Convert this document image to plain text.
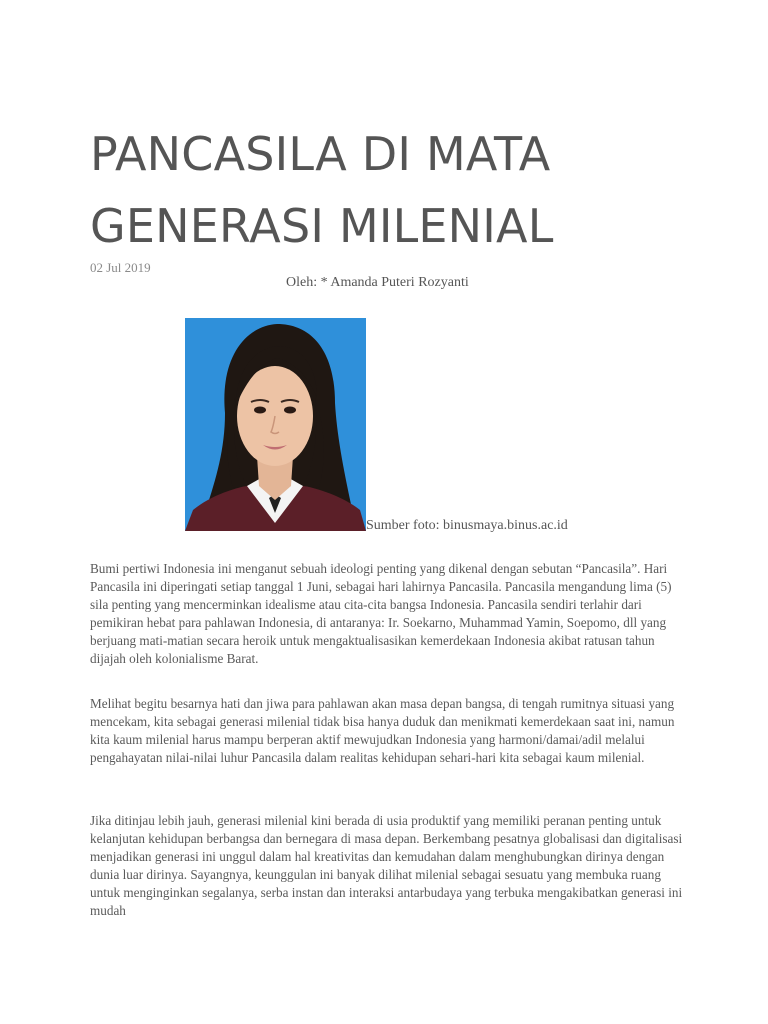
PANCASILA DI MATA GENERASI MILENIAL
02 Jul 2019
Oleh: * Amanda Puteri Rozyanti
Sumber foto: binusmaya.binus.ac.id

Bumi pertiwi Indonesia ini menganut sebuah ideologi penting yang dikenal dengan sebutan “Pancasila”. Hari Pancasila ini diperingati setiap tanggal 1 Juni, sebagai hari lahirnya Pancasila. Pancasila mengandung lima (5) sila penting yang mencerminkan idealisme atau cita-cita bangsa Indonesia. Pancasila sendiri terlahir dari pemikiran hebat para pahlawan Indonesia, di antaranya: Ir. Soekarno, Muhammad Yamin, Soepomo, dll yang berjuang mati-matian secara heroik untuk mengaktualisasikan kemerdekaan Indonesia akibat ratusan tahun dijajah oleh kolonialisme Barat.

Melihat begitu besarnya hati dan jiwa para pahlawan akan masa depan bangsa, di tengah rumitnya situasi yang mencekam, kita sebagai generasi milenial tidak bisa hanya duduk dan menikmati kemerdekaan saat ini, namun kita kaum milenial harus mampu berperan aktif mewujudkan Indonesia yang harmoni/damai/adil melalui pengahayatan nilai-nilai luhur Pancasila dalam realitas kehidupan sehari-hari kita sebagai kaum milenial.

Jika ditinjau lebih jauh, generasi milenial kini berada di usia produktif yang memiliki peranan penting untuk kelanjutan kehidupan berbangsa dan bernegara di masa depan. Berkembang pesatnya globalisasi dan digitalisasi menjadikan generasi ini unggul dalam hal kreativitas dan kemudahan dalam menghubungkan dirinya dengan dunia luar dirinya. Sayangnya, keunggulan ini banyak dilihat milenial sebagai sesuatu yang membuka ruang untuk menginginkan segalanya, serba instan dan interaksi antarbudaya yang terbuka mengakibatkan generasi ini mudah
